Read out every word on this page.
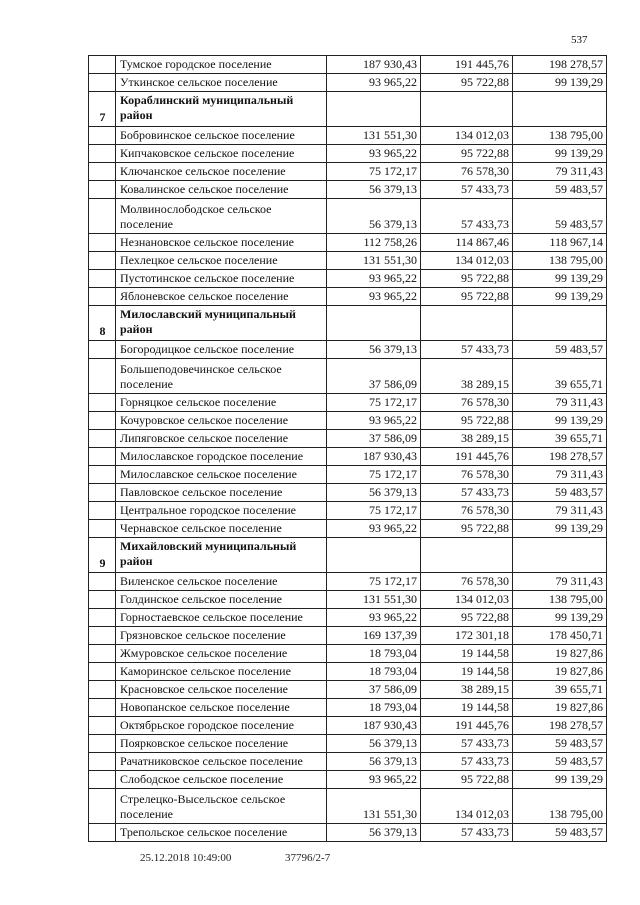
537
	Тумское городское поселение	187 930,43	191 445,76	198 278,57
	Уткинское сельское поселение	93 965,22	95 722,88	99 139,29
7	Кораблинский муниципальный район			

	Бобровинское сельское поселение	131 551,30	134 012,03	138 795,00
	Кипчаковское сельское поселение	93 965,22	95 722,88	99 139,29
	Ключанское сельское поселение	75 172,17	76 578,30	79 311,43
	Ковалинское сельское поселение	56 379,13	57 433,73	59 483,57

	Молвинослободское сельское поселение	56 379,13	57 433,73	59 483,57
	Незнановское сельское поселение	112 758,26	114 867,46	118 967,14
	Пехлецкое сельское поселение	131 551,30	134 012,03	138 795,00
	Пустотинское сельское поселение	93 965,22	95 722,88	99 139,29
	Яблоневское сельское поселение	93 965,22	95 722,88	99 139,29
8	Милославский муниципальный район			

	Богородицкое сельское поселение	56 379,13	57 433,73	59 483,57

	Большеподовечинское сельское поселение	37 586,09	38 289,15	39 655,71
	Горняцкое сельское поселение	75 172,17	76 578,30	79 311,43
	Кочуровское сельское поселение	93 965,22	95 722,88	99 139,29
	Липяговское сельское поселение	37 586,09	38 289,15	39 655,71
	Милославское городское поселение	187 930,43	191 445,76	198 278,57
	Милославское сельское поселение	75 172,17	76 578,30	79 311,43
	Павловское сельское поселение	56 379,13	57 433,73	59 483,57
	Центральное городское поселение	75 172,17	76 578,30	79 311,43
	Чернавское сельское поселение	93 965,22	95 722,88	99 139,29
9	Михайловский муниципальный район			

	Виленское сельское поселение	75 172,17	76 578,30	79 311,43
	Голдинское сельское поселение	131 551,30	134 012,03	138 795,00
	Горностаевское сельское поселение	93 965,22	95 722,88	99 139,29
	Грязновское сельское поселение	169 137,39	172 301,18	178 450,71
	Жмуровское сельское поселение	18 793,04	19 144,58	19 827,86
	Каморинское сельское поселение	18 793,04	19 144,58	19 827,86
	Красновское сельское поселение	37 586,09	38 289,15	39 655,71
	Новопанское сельское поселение	18 793,04	19 144,58	19 827,86
	Октябрьское городское поселение	187 930,43	191 445,76	198 278,57
	Поярковское сельское поселение	56 379,13	57 433,73	59 483,57
	Рачатниковское сельское поселение	56 379,13	57 433,73	59 483,57
	Слободское сельское поселение	93 965,22	95 722,88	99 139,29

	Стрелецко-Высельское сельское поселение	131 551,30	134 012,03	138 795,00
	Трепольское сельское поселение	56 379,13	57 433,73	59 483,57
25.12.2018 10:49:00	37796/2-7
